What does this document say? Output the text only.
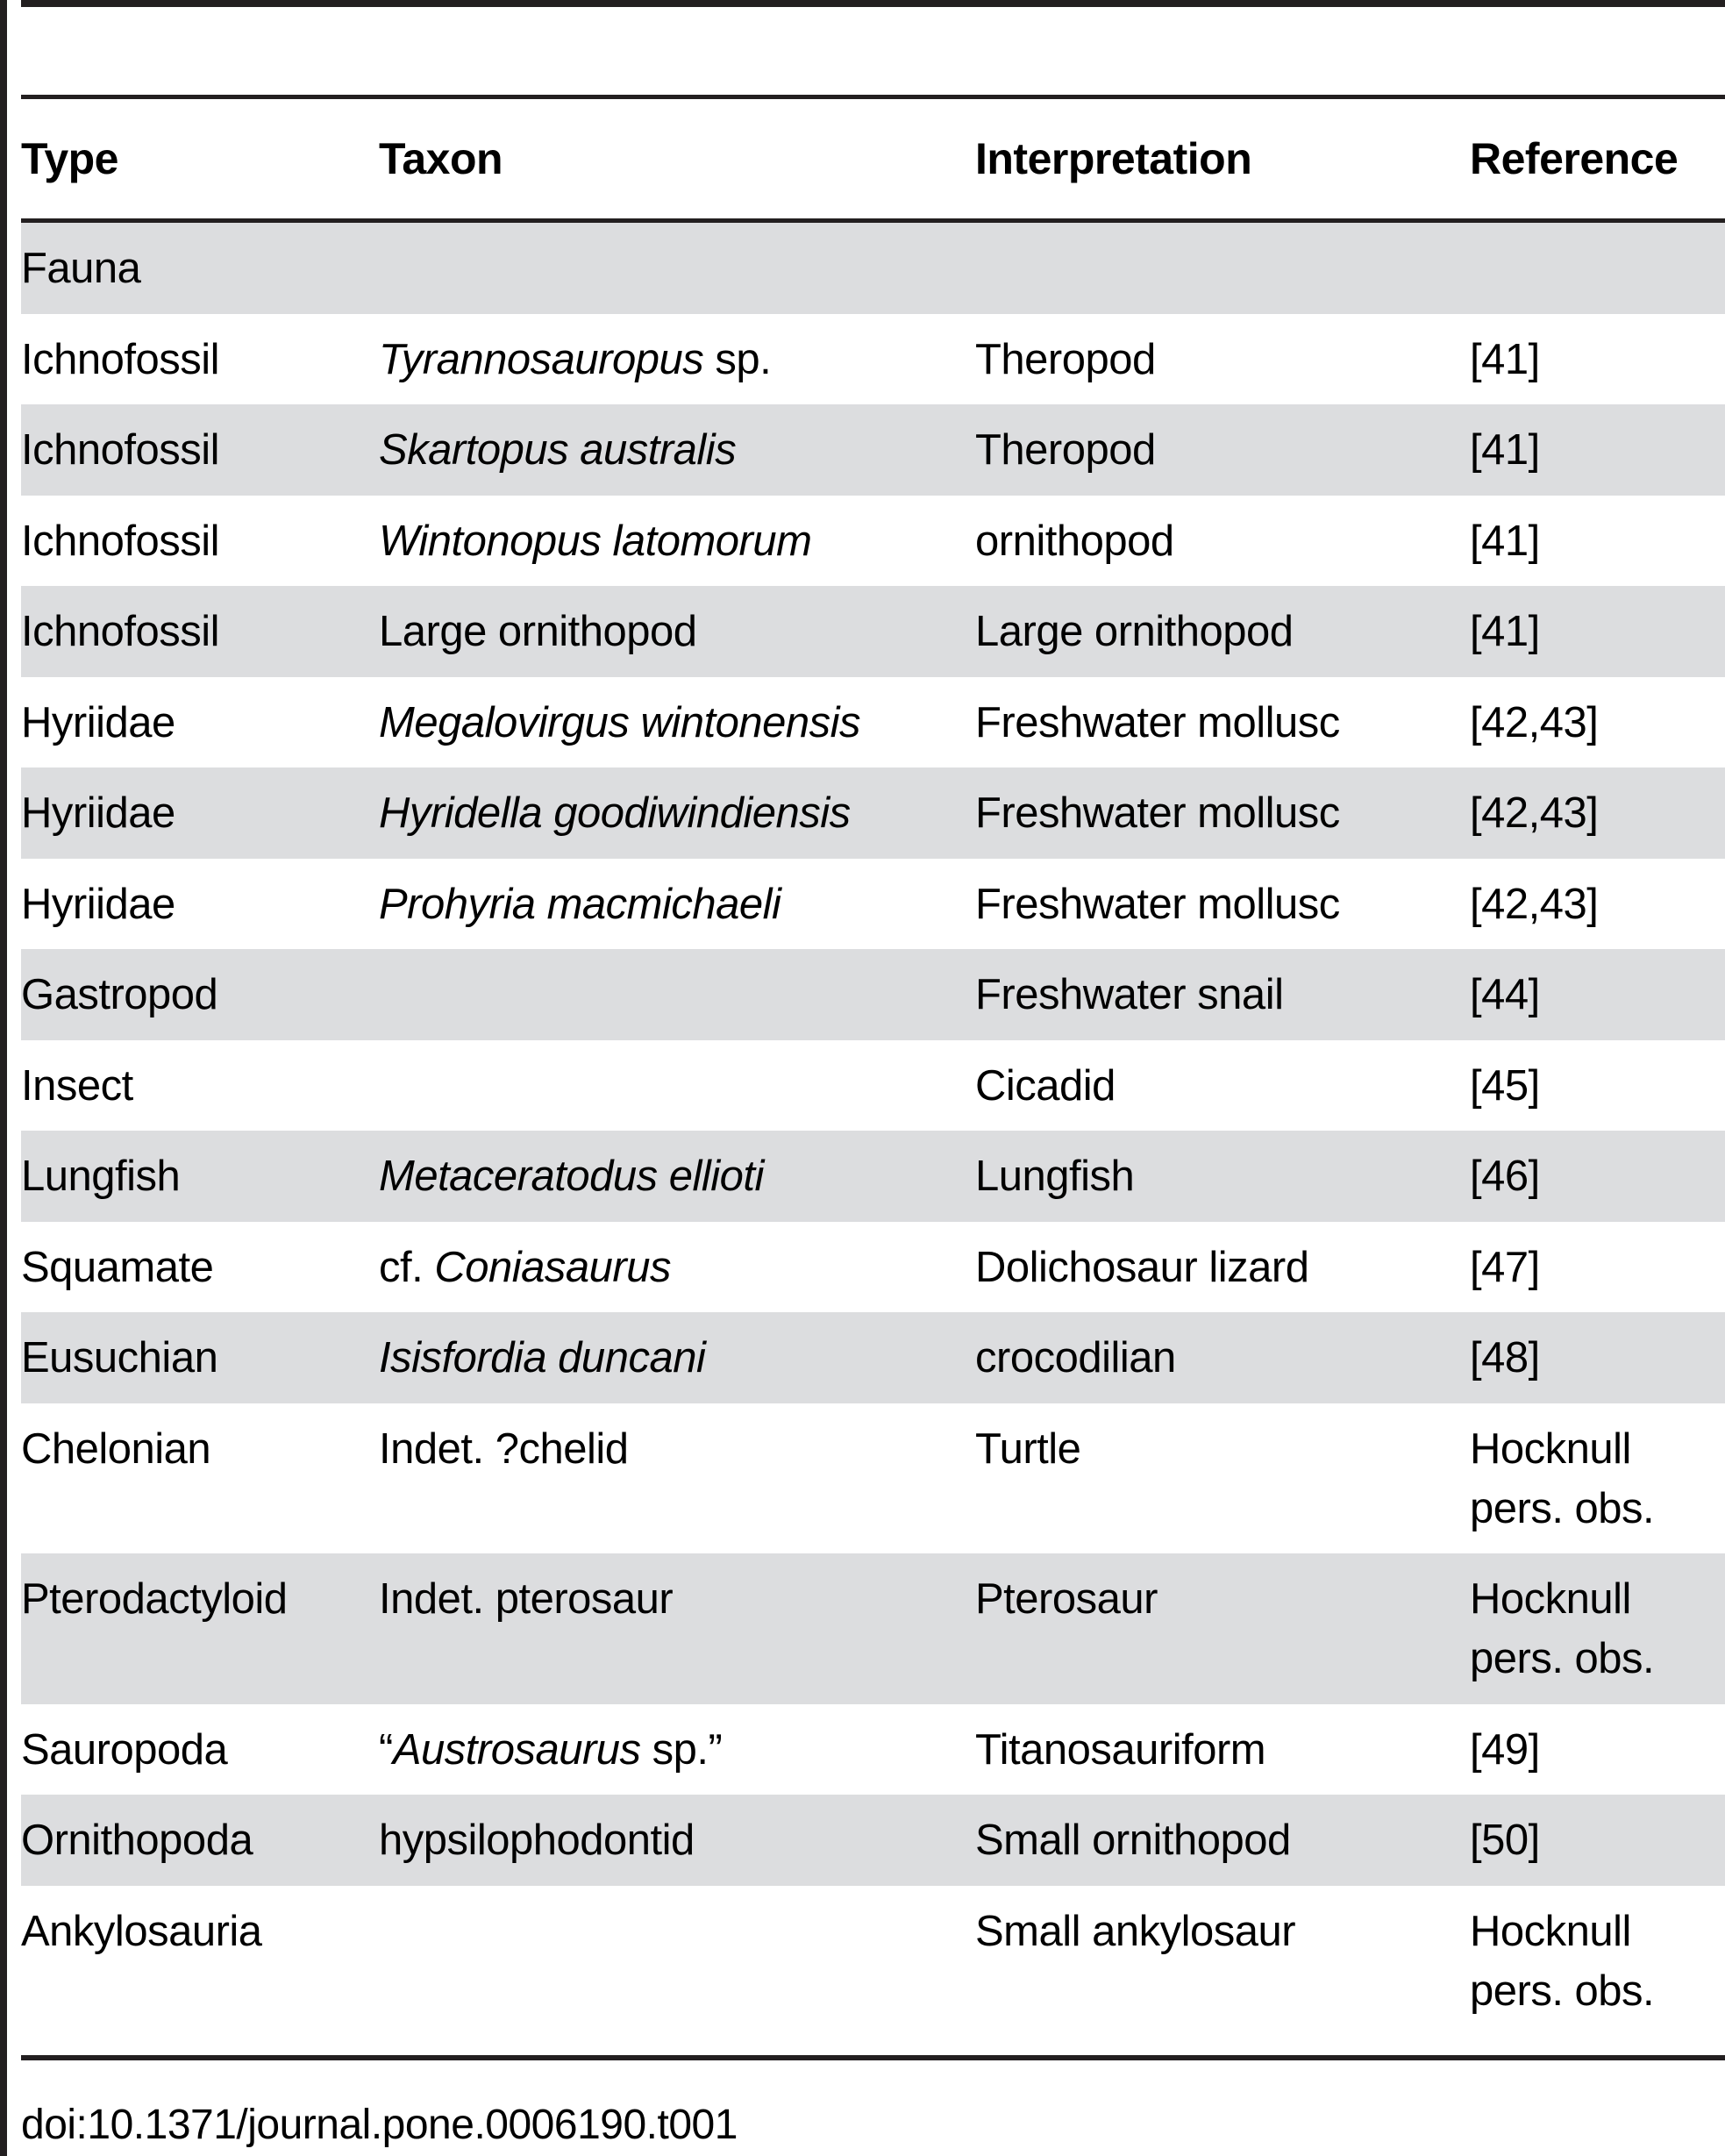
Type	Taxon	Interpretation	Reference
Fauna			
Ichnofossil	Tyrannosauropus sp.	Theropod	[41]
Ichnofossil	Skartopus australis	Theropod	[41]
Ichnofossil	Wintonopus latomorum	ornithopod	[41]
Ichnofossil	Large ornithopod	Large ornithopod	[41]
Hyriidae	Megalovirgus wintonensis	Freshwater mollusc	[42,43]
Hyriidae	Hyridella goodiwindiensis	Freshwater mollusc	[42,43]
Hyriidae	Prohyria macmichaeli	Freshwater mollusc	[42,43]
Gastropod		Freshwater snail	[44]
Insect		Cicadid	[45]
Lungfish	Metaceratodus ellioti	Lungfish	[46]
Squamate	cf. Coniasaurus	Dolichosaur lizard	[47]
Eusuchian	Isisfordia duncani	crocodilian	[48]
Chelonian	Indet. ?chelid	Turtle	Hocknull
pers. obs.
Pterodactyloid	Indet. pterosaur	Pterosaur	Hocknull
pers. obs.
Sauropoda	“Austrosaurus sp.”	Titanosauriform	[49]
Ornithopoda	hypsilophodontid	Small ornithopod	[50]
Ankylosauria		Small ankylosaur	Hocknull
pers. obs.
doi:10.1371/journal.pone.0006190.t001
